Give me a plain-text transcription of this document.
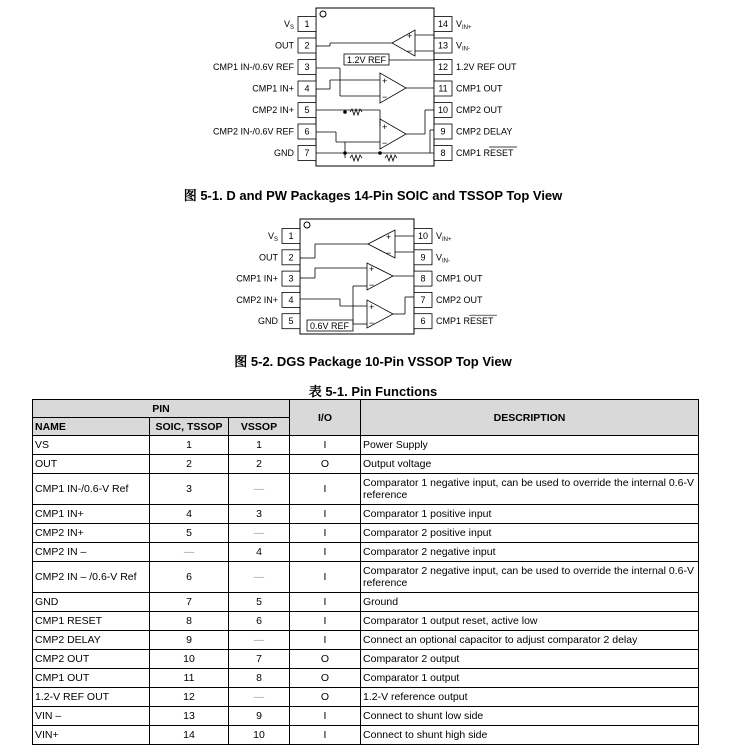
1
$V_S$
2
OUT
3
CMP1 IN-/0.6V REF
4
CMP1 IN+
5
CMP2 IN+
6
CMP2 IN-/0.6V REF
7
GND
14 $V_{IN+}$
13 $V_{IN-}$
12 1.2V REF OUT
11 CMP1 OUT
10 CMP2 OUT
9 CMP2 DELAY
8 CMP1 RESET
1.2V REF
+
−
+
−
+
−
1
$V_S$
2
OUT
3
CMP1 IN+
4
CMP2 IN+
5
GND
10 $V_{IN+}$
9 $V_{IN-}$
8 CMP1 OUT
7 CMP2 OUT
6 CMP1 RESET
0.6V REF
+
−
+
−
+
−
图 5-1. D and PW Packages 14-Pin SOIC and TSSOP Top View
图 5-2. DGS Package 10-Pin VSSOP Top View
表 5-1. Pin Functions
PIN			I/O	DESCRIPTION
NAME	SOIC, TSSOP	VSSOP		
VS	1	1	I	Power Supply
OUT	2	2	O	Output voltage
CMP1 IN-/0.6-V Ref	3	—	I	Comparator 1 negative input, can be used to override the internal 0.6-V reference
CMP1 IN+	4	3	I	Comparator 1 positive input
CMP2 IN+	5	—	I	Comparator 2 positive input
CMP2 IN –	—	4	I	Comparator 2 negative input
CMP2 IN – /0.6-V Ref	6	—	I	Comparator 2 negative input, can be used to override the internal 0.6-V reference
GND	7	5	I	Ground
CMP1 RESET	8	6	I	Comparator 1 output reset, active low
CMP2 DELAY	9	—	I	Connect an optional capacitor to adjust comparator 2 delay
CMP2 OUT	10	7	O	Comparator 2 output
CMP1 OUT	11	8	O	Comparator 1 output
1.2-V REF OUT	12	—	O	1.2-V reference output
VIN –	13	9	I	Connect to shunt low side
VIN+	14	10	I	Connect to shunt high side
